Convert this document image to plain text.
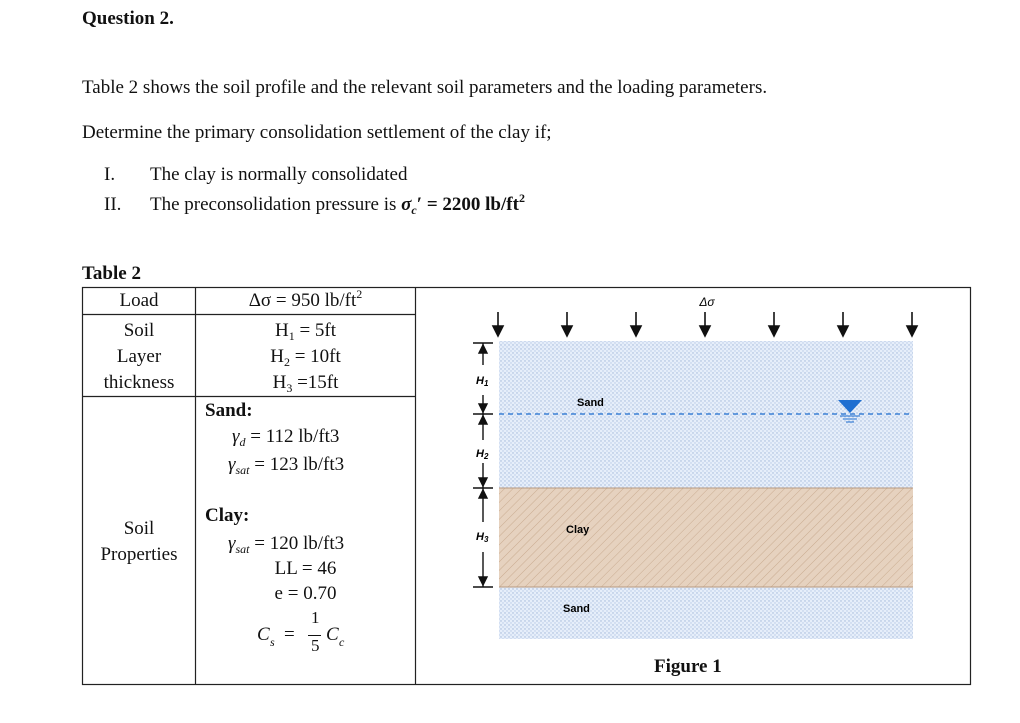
Question 2.
Table 2 shows the soil profile and the relevant soil parameters and the loading parameters.
Determine the primary consolidation settlement of the clay if;
I. The clay is normally consolidated
II. The preconsolidation pressure is $\sigma_c' = 2200$ $lb/ft^2$
Table 2
Load	Δσ = 950 $lb/ft^2$
Soil
Layer
thickness
$H_1 = 5ft$
$H_2 = 10ft$
$H_3 =15ft$
Soil
Properties
Sand:
$\gamma_d = 112$ lb/ft3
$\gamma_{sat} = 123$ lb/ft3
Clay:
$\gamma_{sat} = 120$ lb/ft3
LL = 46
e = 0.70
C s =
1
5
C c
Δσ
Sand
Clay
Sand
H1
H2
H3
Figure 1
